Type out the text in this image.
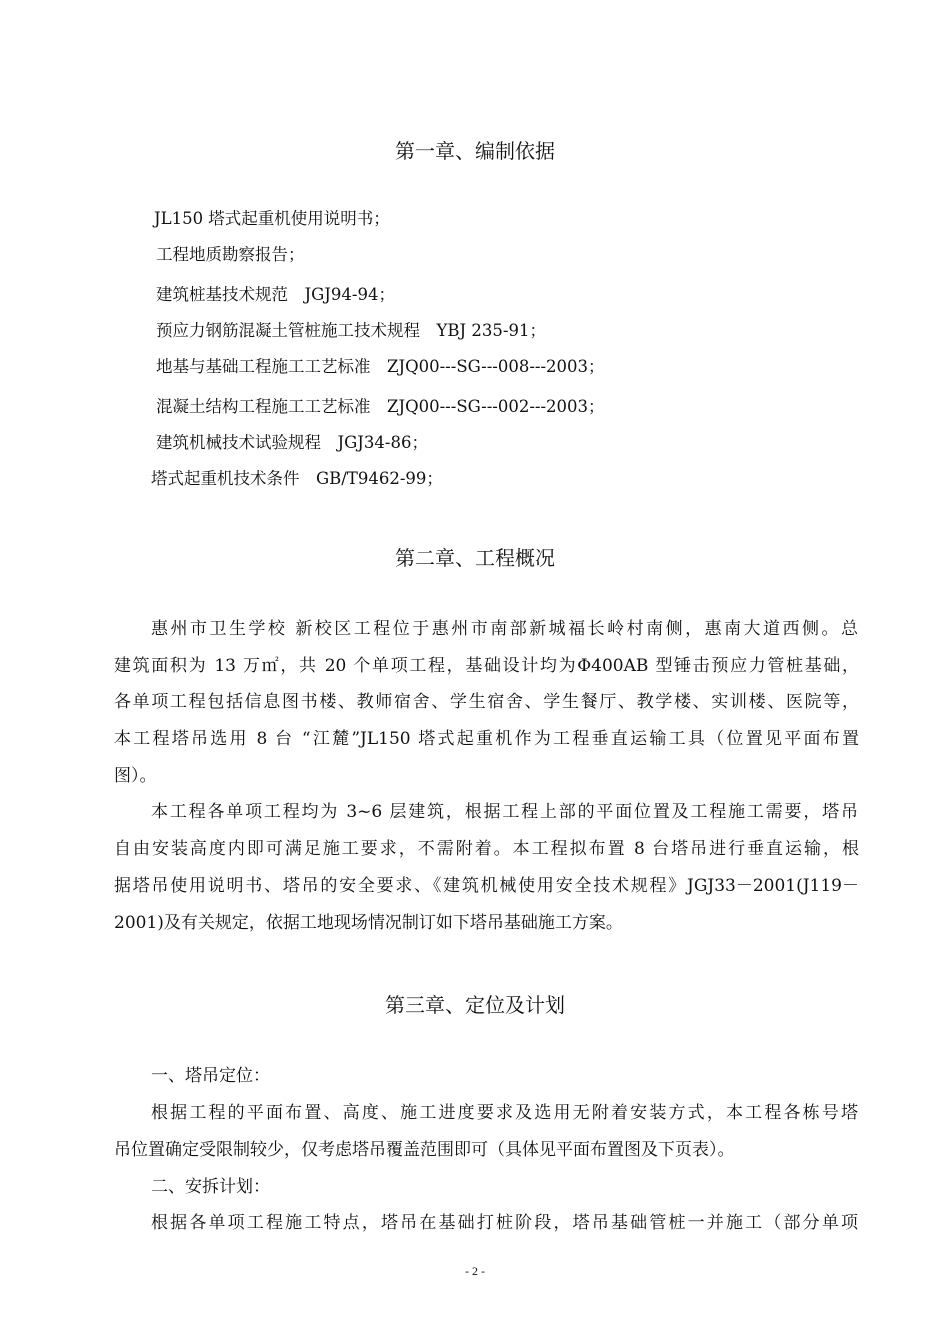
第一章、编制依据
JL150 塔式起重机使用说明书；
工程地质勘察报告；
建筑桩基技术规范　JGJ94-94；
预应力钢筋混凝土管桩施工技术规程　YBJ 235-91；
地基与基础工程施工工艺标准　ZJQ00---SG---008---2003；
混凝土结构工程施工工艺标准　ZJQ00---SG---002---2003；
建筑机械技术试验规程　JGJ34-86；
塔式起重机技术条件　GB/T9462-99；
第二章、工程概况
惠州市卫生学校 新校区工程位于惠州市南部新城福长岭村南侧，惠南大道西侧。总
建筑面积为 13 万㎡，共 20 个单项工程，基础设计均为Φ400AB 型锤击预应力管桩基础，
各单项工程包括信息图书楼、教师宿舍、学生宿舍、学生餐厅、教学楼、实训楼、医院等，
本工程塔吊选用 8 台 “江麓”JL150 塔式起重机作为工程垂直运输工具（位置见平面布置
图）。
本工程各单项工程均为 3~6 层建筑，根据工程上部的平面位置及工程施工需要，塔吊
自由安装高度内即可满足施工要求，不需附着。本工程拟布置 8 台塔吊进行垂直运输，根
据塔吊使用说明书、塔吊的安全要求、《建筑机械使用安全技术规程》JGJ33－2001(J119－
2001)及有关规定，依据工地现场情况制订如下塔吊基础施工方案。
第三章、定位及计划
一、塔吊定位：
根据工程的平面布置、高度、施工进度要求及选用无附着安装方式，本工程各栋号塔
吊位置确定受限制较少，仅考虑塔吊覆盖范围即可（具体见平面布置图及下页表）。
二、安拆计划：
根据各单项工程施工特点，塔吊在基础打桩阶段，塔吊基础管桩一并施工（部分单项
- 2 -
